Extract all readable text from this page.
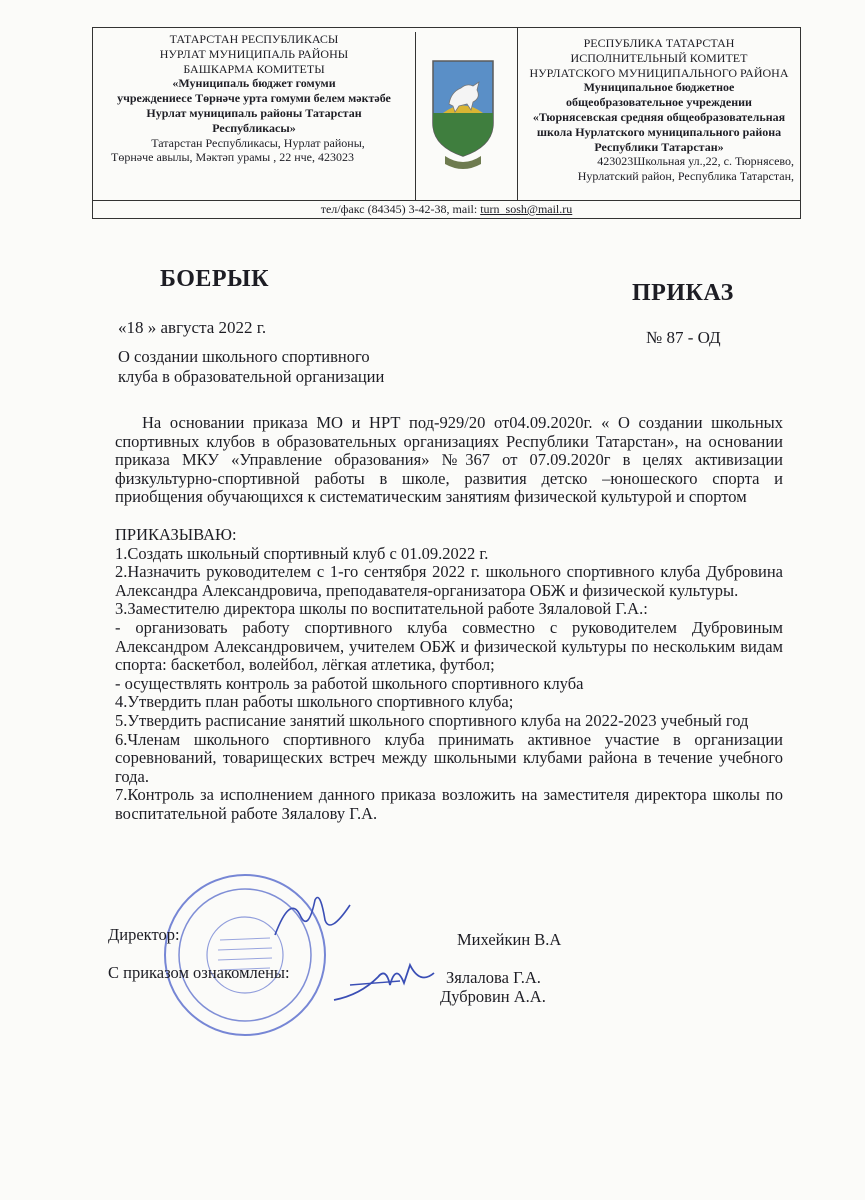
ТАТАРСТАН РЕСПУБЛИКАСЫ
НУРЛАТ МУНИЦИПАЛЬ РАЙОНЫ
БАШКАРМА КОМИТЕТЫ
«Муниципаль бюджет гомуми
учреждениесе Төрнәче урта гомуми белем мәктәбе
Нурлат муниципаль районы Татарстан
Республикасы»
Татарстан Республикасы, Нурлат районы,
Төрнәче авылы, Мәктәп урамы , 22 нче, 423023
РЕСПУБЛИКА ТАТАРСТАН
ИСПОЛНИТЕЛЬНЫЙ КОМИТЕТ
НУРЛАТСКОГО МУНИЦИПАЛЬНОГО РАЙОНА
Муниципальное бюджетное
общеобразовательное учреждении
«Тюрнясевская средняя общеобразовательная
школа Нурлатского муниципального района
Республики Татарстан»
423023Школьная ул.,22, с. Тюрнясево,
Нурлатский район, Республика Татарстан,
тел/факс (84345) 3-42-38, mail: turn_sosh@mail.ru
БОЕРЫК
ПРИКАЗ
«18 » августа 2022 г.
№ 87 - ОД
О создании школьного спортивного
клуба в образовательной организации

На основании приказа МО и НРТ под-929/20 от04.09.2020г. « О создании школьных спортивных клубов в образовательных организациях Республики Татарстан», на основании приказа МКУ «Управление образования» №367 от 07.09.2020г в целях активизации физкультурно-спортивной работы в школе, развития детско –юношеского спорта и приобщения обучающихся к систематическим занятиям физической культурой и спортом

ПРИКАЗЫВАЮ:

1.Создать школьный спортивный клуб с 01.09.2022 г.

2.Назначить руководителем с 1-го сентября 2022 г. школьного спортивного клуба Дубровина Александра Александровича, преподавателя-организатора ОБЖ и физической культуры.

3.Заместителю директора школы по воспитательной работе Зялаловой Г.А.:

- организовать работу спортивного клуба совместно с руководителем Дубровиным Александром Александровичем, учителем ОБЖ и физической культуры по нескольким видам спорта: баскетбол, волейбол, лёгкая атлетика, футбол;

- осуществлять контроль за работой школьного спортивного клуба

4.Утвердить план работы школьного спортивного клуба;

5.Утвердить расписание занятий школьного спортивного клуба на 2022-2023 учебный год

6.Членам школьного спортивного клуба принимать активное участие в организации соревнований, товарищеских встреч между школьными клубами района в течение учебного года.

7.Контроль за исполнением данного приказа возложить на заместителя директора школы по воспитательной работе Зялалову Г.А.

Директор:	Михейкин В.А
С приказом ознакомлены:	Зялалова Г.А.
Дубровин А.А.
